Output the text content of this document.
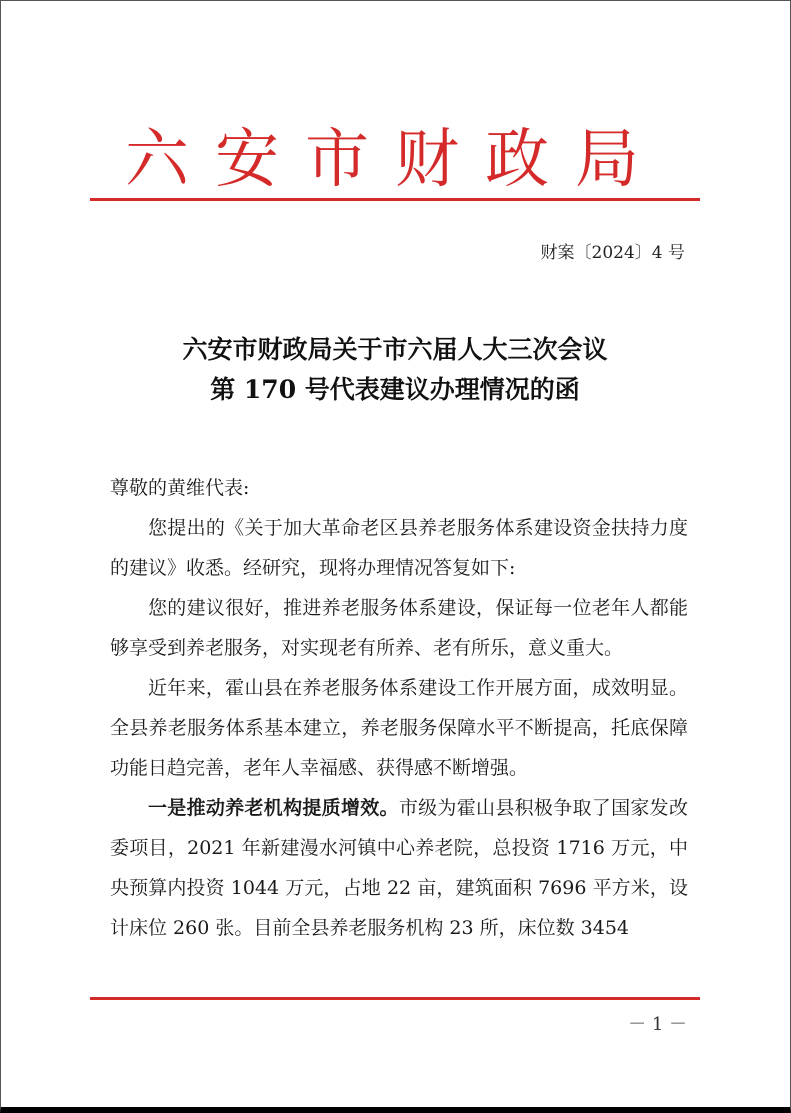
六安市财政局
财案〔2024〕4 号
六安市财政局关于市六届人大三次会议
第 170 号代表建议办理情况的函

尊敬的黄维代表:

您提出的《关于加大革命老区县养老服务体系建设资金扶持力度的建议》收悉。经研究，现将办理情况答复如下:

您的建议很好，推进养老服务体系建设，保证每一位老年人都能够享受到养老服务，对实现老有所养、老有所乐，意义重大。

近年来，霍山县在养老服务体系建设工作开展方面，成效明显。全县养老服务体系基本建立，养老服务保障水平不断提高，托底保障功能日趋完善，老年人幸福感、获得感不断增强。

一是推动养老机构提质增效。市级为霍山县积极争取了国家发改委项目，2021 年新建漫水河镇中心养老院，总投资 1716 万元，中央预算内投资 1044 万元，占地 22 亩，建筑面积 7696 平方米，设计床位 260 张。目前全县养老服务机构 23 所，床位数 3454

－ 1 －
